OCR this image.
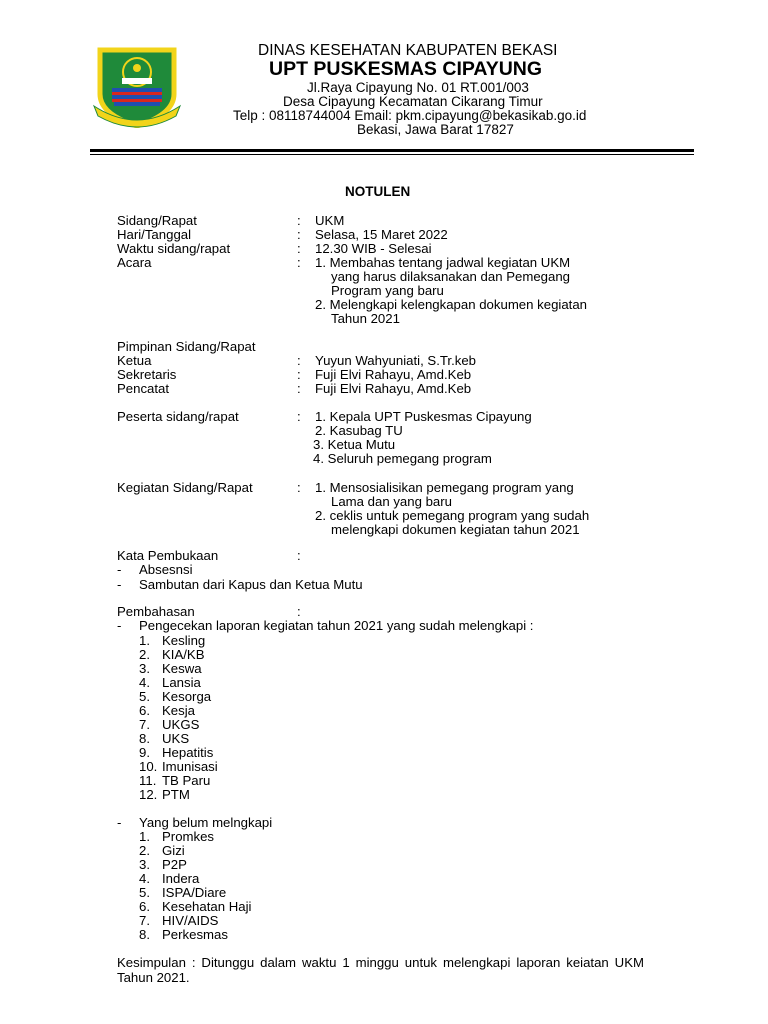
DINAS KESEHATAN KABUPATEN BEKASI
UPT PUSKESMAS CIPAYUNG
Jl.Raya Cipayung No. 01 RT.001/003
Desa Cipayung Kecamatan Cikarang Timur
Telp : 08118744004 Email: pkm.cipayung@bekasikab.go.id
Bekasi, Jawa Barat 17827
NOTULEN
Sidang/Rapat	: UKM
Hari/Tanggal	: Selasa, 15 Maret 2022
Waktu sidang/rapat	: 12.30 WIB - Selesai
Acara	: 1. Membahas tentang jadwal kegiatan UKM
yang harus dilaksanakan dan Pemegang
Program yang baru
2. Melengkapi kelengkapan dokumen kegiatan
Tahun 2021
Pimpinan Sidang/Rapat
Ketua	: Yuyun Wahyuniati, S.Tr.keb
Sekretaris	: Fuji Elvi Rahayu, Amd.Keb
Pencatat	: Fuji Elvi Rahayu, Amd.Keb
Peserta sidang/rapat	: 1. Kepala UPT Puskesmas Cipayung
2. Kasubag TU
3. Ketua Mutu
4. Seluruh pemegang program
Kegiatan Sidang/Rapat	: 1. Mensosialisikan pemegang program yang
Lama dan yang baru
2. ceklis untuk pemegang program yang sudah
melengkapi dokumen kegiatan tahun 2021
Kata Pembukaan	:
- Absesnsi
- Sambutan dari Kapus dan Ketua Mutu
Pembahasan	:
- Pengecekan laporan kegiatan tahun 2021 yang sudah melengkapi :
1. Kesling
2. KIA/KB
3. Keswa
4. Lansia
5. Kesorga
6. Kesja
7. UKGS
8. UKS
9. Hepatitis
10. Imunisasi
11. TB Paru
12. PTM
- Yang belum melngkapi
1. Promkes
2. Gizi
3. P2P
4. Indera
5. ISPA/Diare
6. Kesehatan Haji
7. HIV/AIDS
8. Perkesmas
Kesimpulan : Ditunggu dalam waktu 1 minggu untuk melengkapi laporan keiatan UKM Tahun 2021.
